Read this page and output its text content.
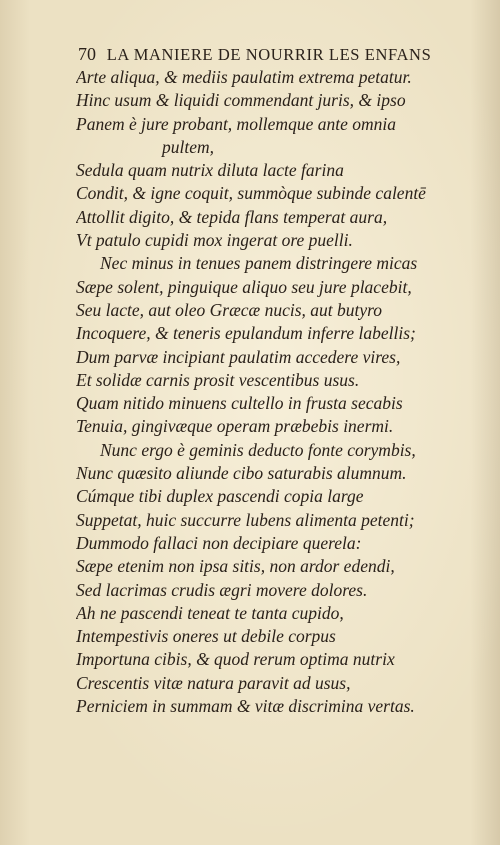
70 LA MANIERE DE NOURRIR LES ENFANS
Arte aliqua, & mediis paulatim extrema petatur.
Hinc usum & liquidi commendant juris, & ipso
Panem è jure probant, mollemque ante omnia
pultem,
Sedula quam nutrix diluta lacte farina
Condit, & igne coquit, summòque subinde calentē
Attollit digito, & tepida flans temperat aura,
Vt patulo cupidi mox ingerat ore puelli.
Nec minus in tenues panem distringere micas
Sæpe solent, pinguique aliquo seu jure placebit,
Seu lacte, aut oleo Græcæ nucis, aut butyro
Incoquere, & teneris epulandum inferre labellis;
Dum parvæ incipiant paulatim accedere vires,
Et solidæ carnis prosit vescentibus usus.
Quam nitido minuens cultello in frusta secabis
Tenuia, gingivæque operam præbebis inermi.
Nunc ergo è geminis deducto fonte corymbis,
Nunc quæsito aliunde cibo saturabis alumnum.
Cúmque tibi duplex pascendi copia large
Suppetat, huic succurre lubens alimenta petenti;
Dummodo fallaci non decipiare querela:
Sæpe etenim non ipsa sitis, non ardor edendi,
Sed lacrimas crudis ægri movere dolores.
Ah ne pascendi teneat te tanta cupido,
Intempestivis oneres ut debile corpus
Importuna cibis, & quod rerum optima nutrix
Crescentis vitæ natura paravit ad usus,
Perniciem in summam & vitæ discrimina vertas.
